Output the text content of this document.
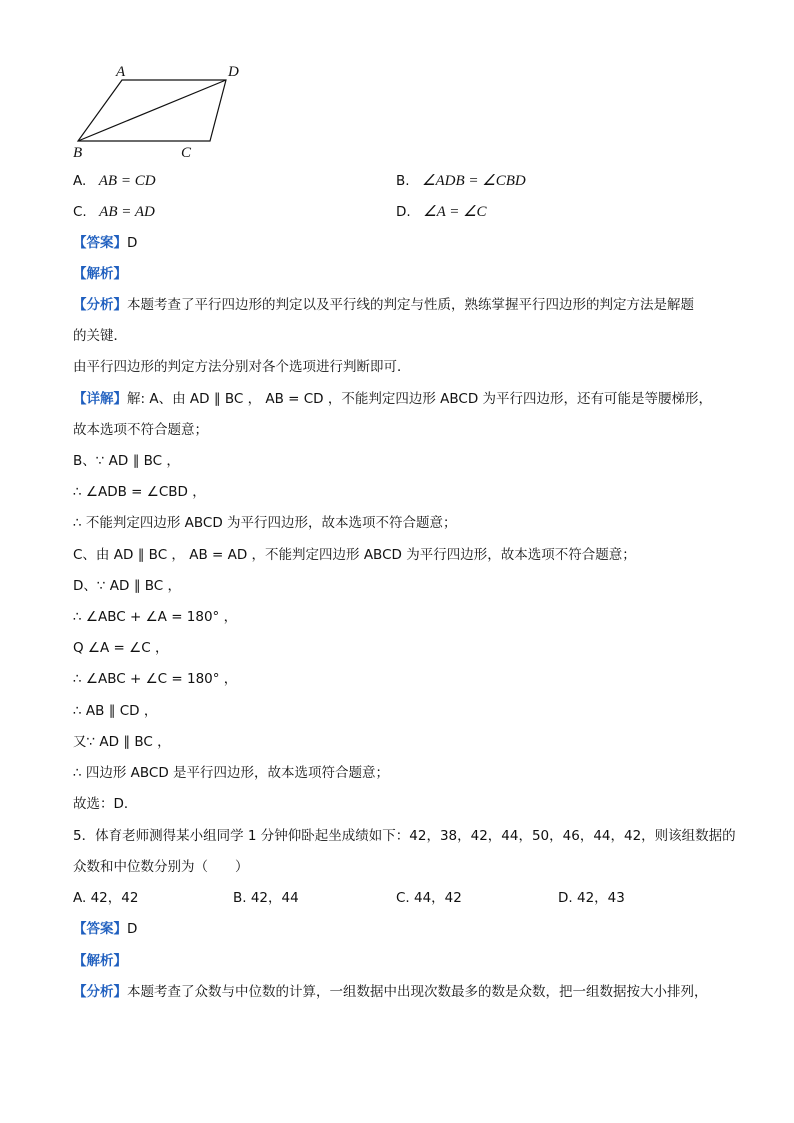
A	D
B	C
A. AB = CD	B. ∠ADB = ∠CBD
C. AB = AD	D. ∠A = ∠C
【答案】D
【解析】
【分析】本题考查了平行四边形的判定以及平行线的判定与性质，熟练掌握平行四边形的判定方法是解题
的关键．
由平行四边形的判定方法分别对各个选项进行判断即可．
【详解】解: A、由 AD ∥ BC ， AB = CD ，不能判定四边形 ABCD 为平行四边形，还有可能是等腰梯形，
故本选项不符合题意；
B、∵ AD ∥ BC ，
∴ ∠ADB = ∠CBD ，
∴ 不能判定四边形 ABCD 为平行四边形，故本选项不符合题意；
C、由 AD ∥ BC ， AB = AD ，不能判定四边形 ABCD 为平行四边形，故本选项不符合题意；
D、∵ AD ∥ BC ，
∴ ∠ABC + ∠A = 180° ，
Q ∠A = ∠C ，
∴ ∠ABC + ∠C = 180° ，
∴ AB ∥ CD ，
又∵ AD ∥ BC ，
∴ 四边形 ABCD 是平行四边形，故本选项符合题意；
故选：D．
5．体育老师测得某小组同学 1 分钟仰卧起坐成绩如下：42，38，42，44，50，46，44，42，则该组数据的
众数和中位数分别为（　　）
A. 42，42	B. 42，44	C. 44，42	D. 42，43
【答案】D
【解析】
【分析】本题考查了众数与中位数的计算，一组数据中出现次数最多的数是众数，把一组数据按大小排列，
